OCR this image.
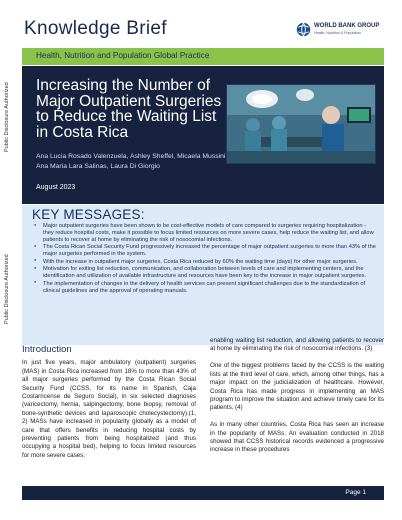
Public Disclosure Authorized
Public Disclosure Authorized
Knowledge Brief	WORLD BANK GROUP
Health, Nutrition & Population
Health, Nutrition and Population Global Practice
Increasing the Number of Major Outpatient Surgeries to Reduce the Waiting List in Costa Rica
Ana Lucia Rosado Valenzuela, Ashley Sheffel, Micaela Mussini, Ana Maria Lara Salinas, Laura Di Giorgio
August 2023
KEY MESSAGES:
▪ Major outpatient surgeries have been shown to be cost-effective models of care compared to surgeries requiring hospitalization - they reduce hospital costs, make it possible to focus limited resources on more severe cases, help reduce the waiting list, and allow patients to recover at home by eliminating the risk of nosocomial infections.
▪ The Costa Rican Social Security Fund progressively increased the percentage of major outpatient surgeries to more than 43% of the major surgeries performed in the system.
▪ With the increase in outpatient major surgeries, Costa Rica reduced by 60% the waiting time (days) for other major surgeries.
▪ Motivation for exiting list reduction, communication, and collaboration between levels of care and implementing centers, and the identification and utilization of available infrastructure and resources have been key to the increase in major outpatient surgeries.
▪ The implementation of changes in the delivery of health services can present significant challenges due to the standardization of clinical guidelines and the approval of operating manuals.
Introduction

In just five years, major ambulatory (outpatient) surgeries (MAS) in Costa Rica increased from 18% to more than 43% of all major surgeries performed by the Costa Rican Social Security Fund (CCSS, for its name in Spanish, Caja Costarricense de Seguro Social), in six selected diagnoses (varicectomy, hernia, salpingectomy, bone biopsy, removal of bone-synthetic devices and laparoscopic cholecystectomy).(1, 2) MASs have increased in popularity globally as a model of care that offers benefits in reducing hospital costs by preventing patients from being hospitalized (and thus occupying a hospital bed), helping to focus limited resources for more severe cases,

enabling waiting list reduction, and allowing patients to recover at home by eliminating the risk of nosocomial infections. (3)

One of the biggest problems faced by the CCSS is the waiting lists at the third level of care, which, among other things, has a major impact on the judicialization of healthcare. However, Costa Rica has made progress in implementing an MAS program to improve the situation and achieve timely care for its patients. (4)

As in many other countries, Costa Rica has seen an increase in the popularity of MASs. An evaluation conducted in 2018 showed that CCSS historical records evidenced a progressive increase in these procedures

Page 1
